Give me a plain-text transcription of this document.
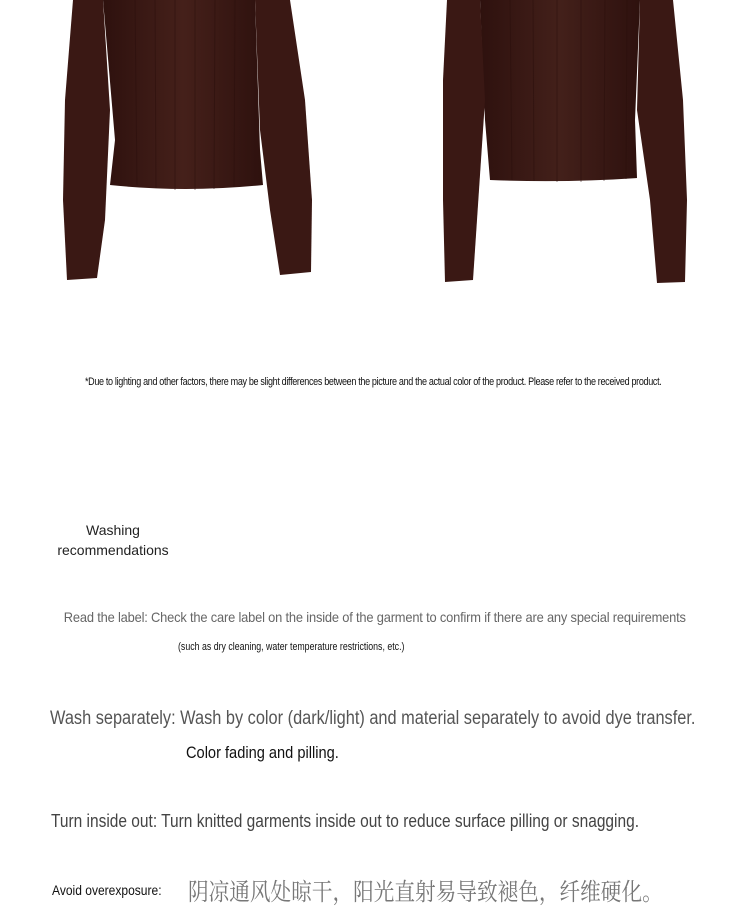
*Due to lighting and other factors, there may be slight differences between the picture and the actual color of the product. Please refer to the received product.
Washing
recommendations
Read the label: Check the care label on the inside of the garment to confirm if there are any special requirements
(such as dry cleaning, water temperature restrictions, etc.)
Wash separately: Wash by color (dark/light) and material separately to avoid dye transfer.
Color fading and pilling.
Turn inside out: Turn knitted garments inside out to reduce surface pilling or snagging.
Avoid overexposure: 阴凉通风处晾干，阳光直射易导致褪色，纤维硬化。
